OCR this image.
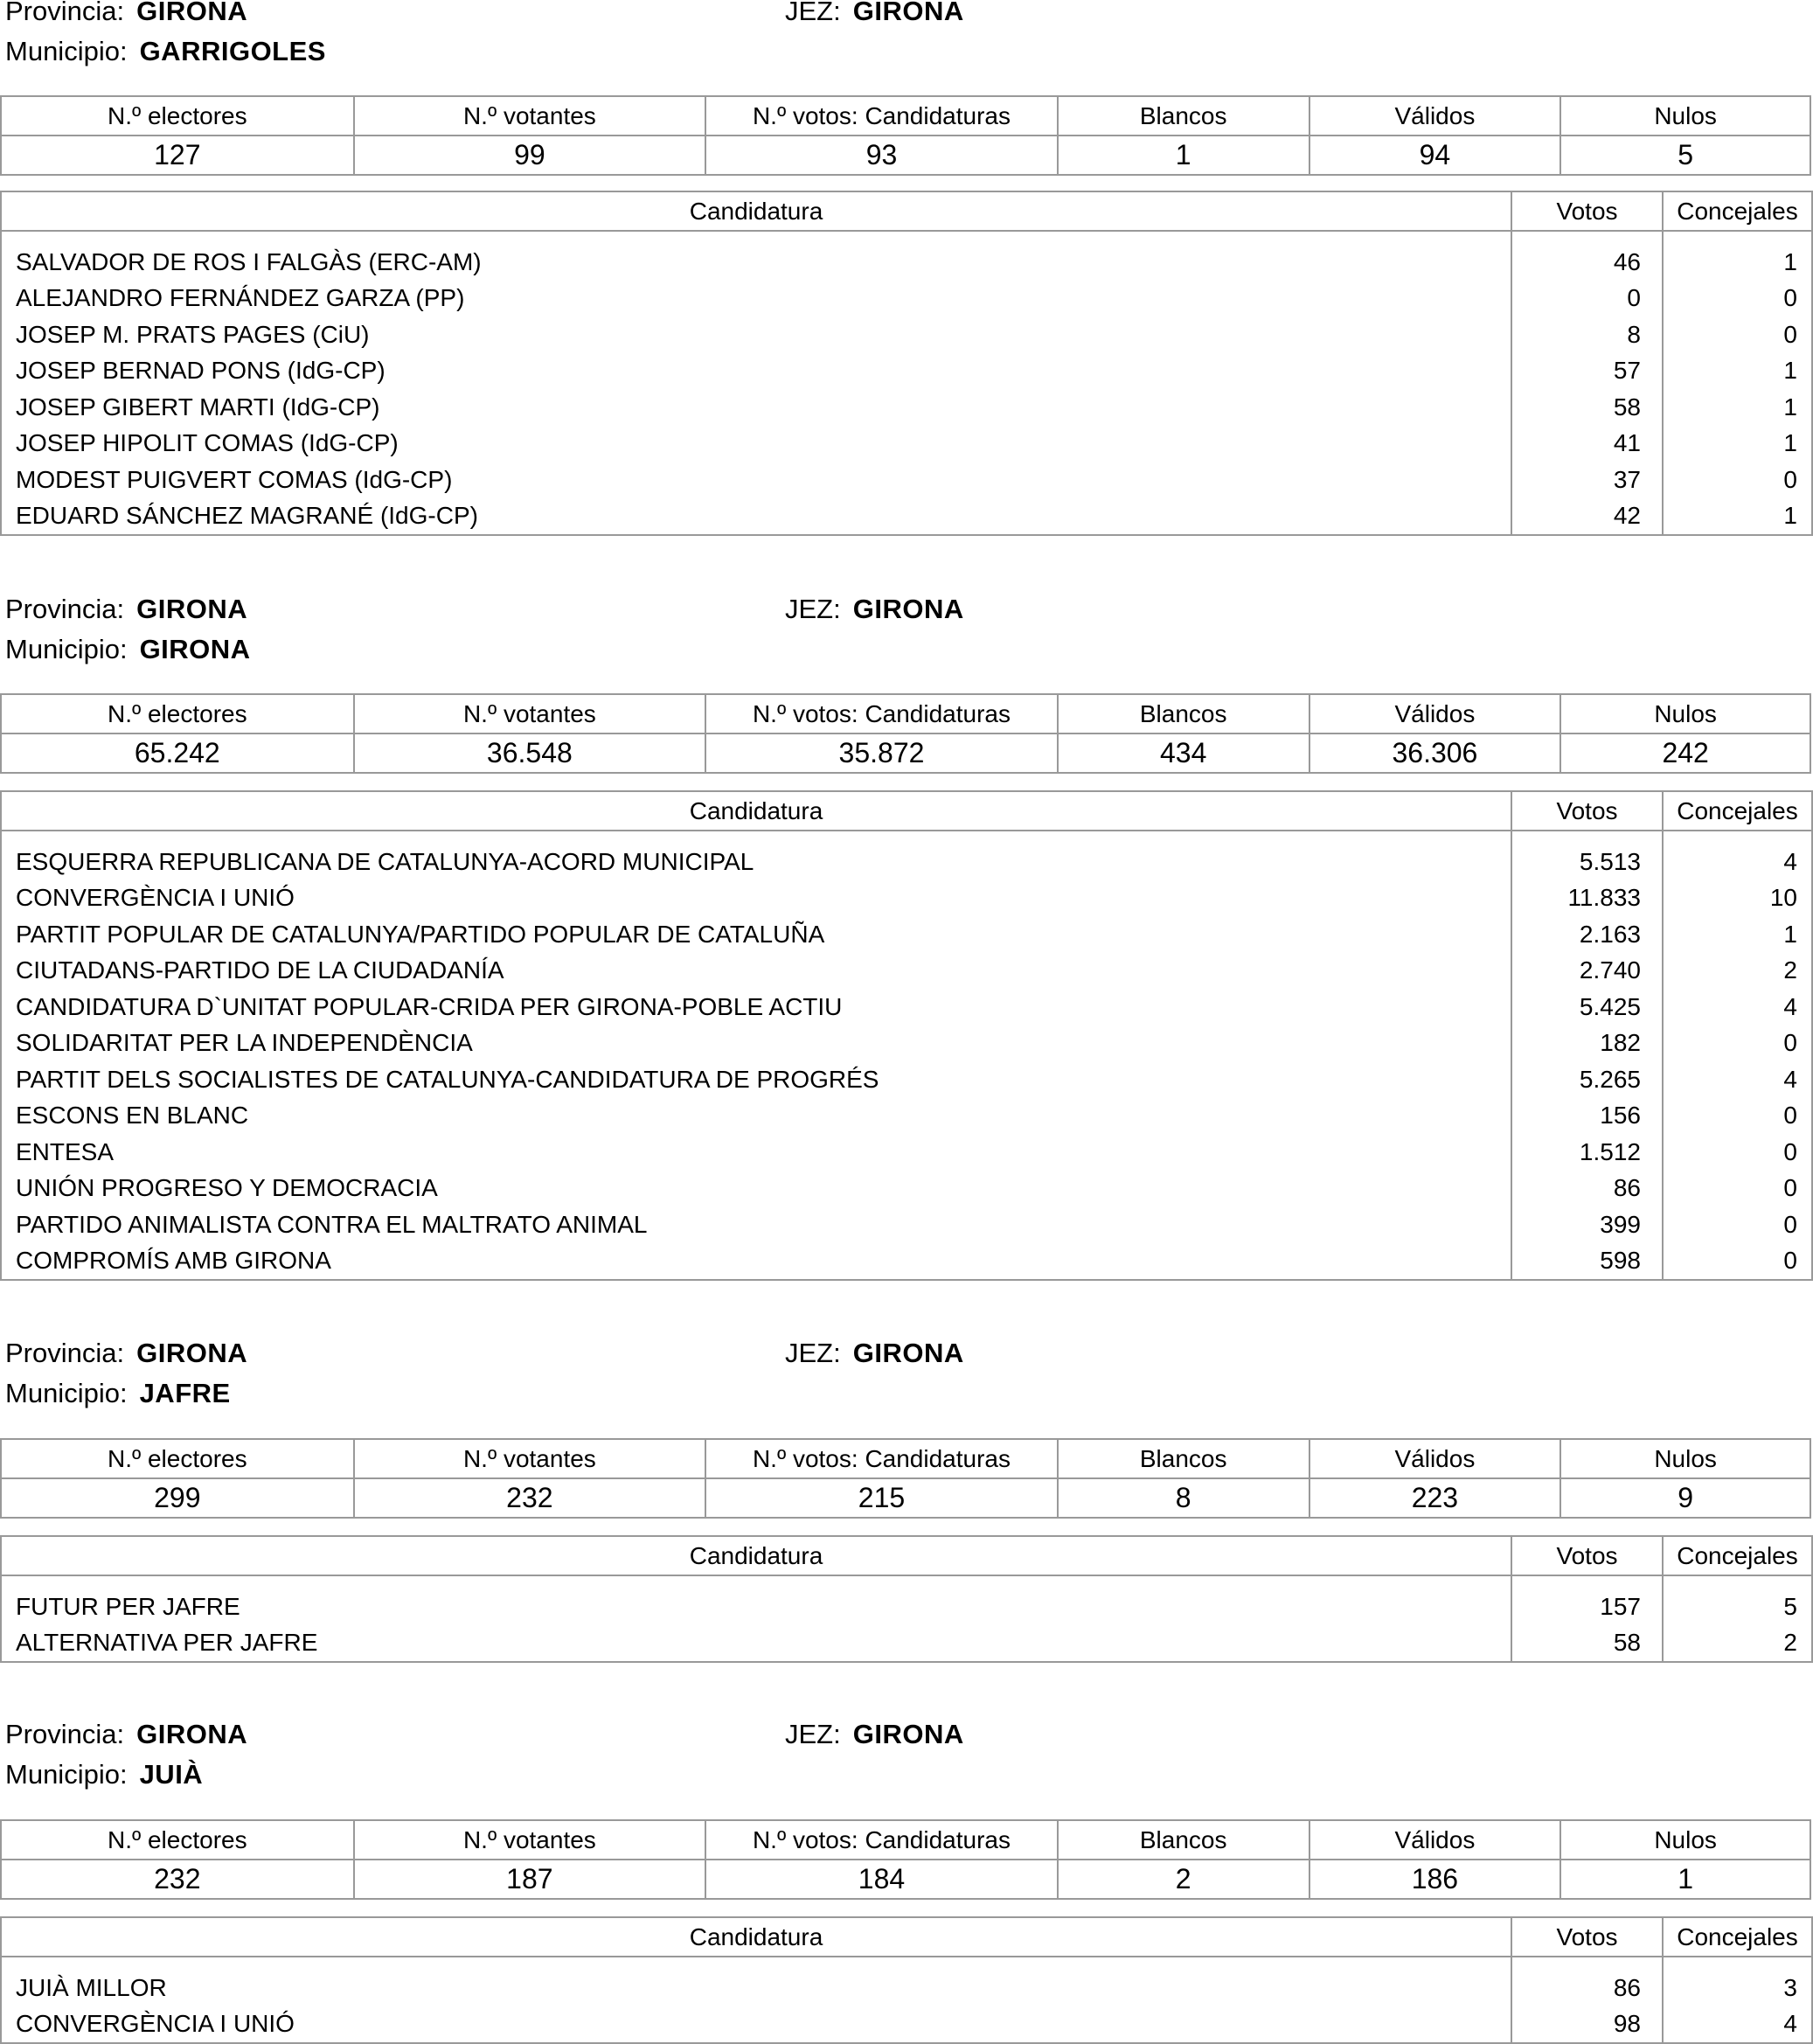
Provincia: GIRONA	JEZ: GIRONA
Municipio: GARRIGOLES
N.º electores	N.º votantes	N.º votos: Candidaturas	Blancos	Válidos	Nulos
127	99	93	1	94	5
Candidatura	Votos	Concejales
SALVADOR DE ROS I FALGÀS (ERC-AM)	46	1
ALEJANDRO FERNÁNDEZ GARZA (PP)	0	0
JOSEP M. PRATS PAGES (CiU)	8	0
JOSEP BERNAD PONS (IdG-CP)	57	1
JOSEP GIBERT MARTI (IdG-CP)	58	1
JOSEP HIPOLIT COMAS (IdG-CP)	41	1
MODEST PUIGVERT COMAS (IdG-CP)	37	0
EDUARD SÁNCHEZ MAGRANÉ (IdG-CP)	42	1
Provincia: GIRONA	JEZ: GIRONA
Municipio: GIRONA
N.º electores	N.º votantes	N.º votos: Candidaturas	Blancos	Válidos	Nulos
65.242	36.548	35.872	434	36.306	242
Candidatura	Votos	Concejales
ESQUERRA REPUBLICANA DE CATALUNYA-ACORD MUNICIPAL	5.513	4
CONVERGÈNCIA I UNIÓ	11.833	10
PARTIT POPULAR DE CATALUNYA/PARTIDO POPULAR DE CATALUÑA	2.163	1
CIUTADANS-PARTIDO DE LA CIUDADANÍA	2.740	2
CANDIDATURA D`UNITAT POPULAR-CRIDA PER GIRONA-POBLE ACTIU	5.425	4
SOLIDARITAT PER LA INDEPENDÈNCIA	182	0
PARTIT DELS SOCIALISTES DE CATALUNYA-CANDIDATURA DE PROGRÉS	5.265	4
ESCONS EN BLANC	156	0
ENTESA	1.512	0
UNIÓN PROGRESO Y DEMOCRACIA	86	0
PARTIDO ANIMALISTA CONTRA EL MALTRATO ANIMAL	399	0
COMPROMÍS AMB GIRONA	598	0
Provincia: GIRONA	JEZ: GIRONA
Municipio: JAFRE
N.º electores	N.º votantes	N.º votos: Candidaturas	Blancos	Válidos	Nulos
299	232	215	8	223	9
Candidatura	Votos	Concejales
FUTUR PER JAFRE	157	5
ALTERNATIVA PER JAFRE	58	2
Provincia: GIRONA	JEZ: GIRONA
Municipio: JUIÀ
N.º electores	N.º votantes	N.º votos: Candidaturas	Blancos	Válidos	Nulos
232	187	184	2	186	1
Candidatura	Votos	Concejales
JUIÀ MILLOR	86	3
CONVERGÈNCIA I UNIÓ	98	4
